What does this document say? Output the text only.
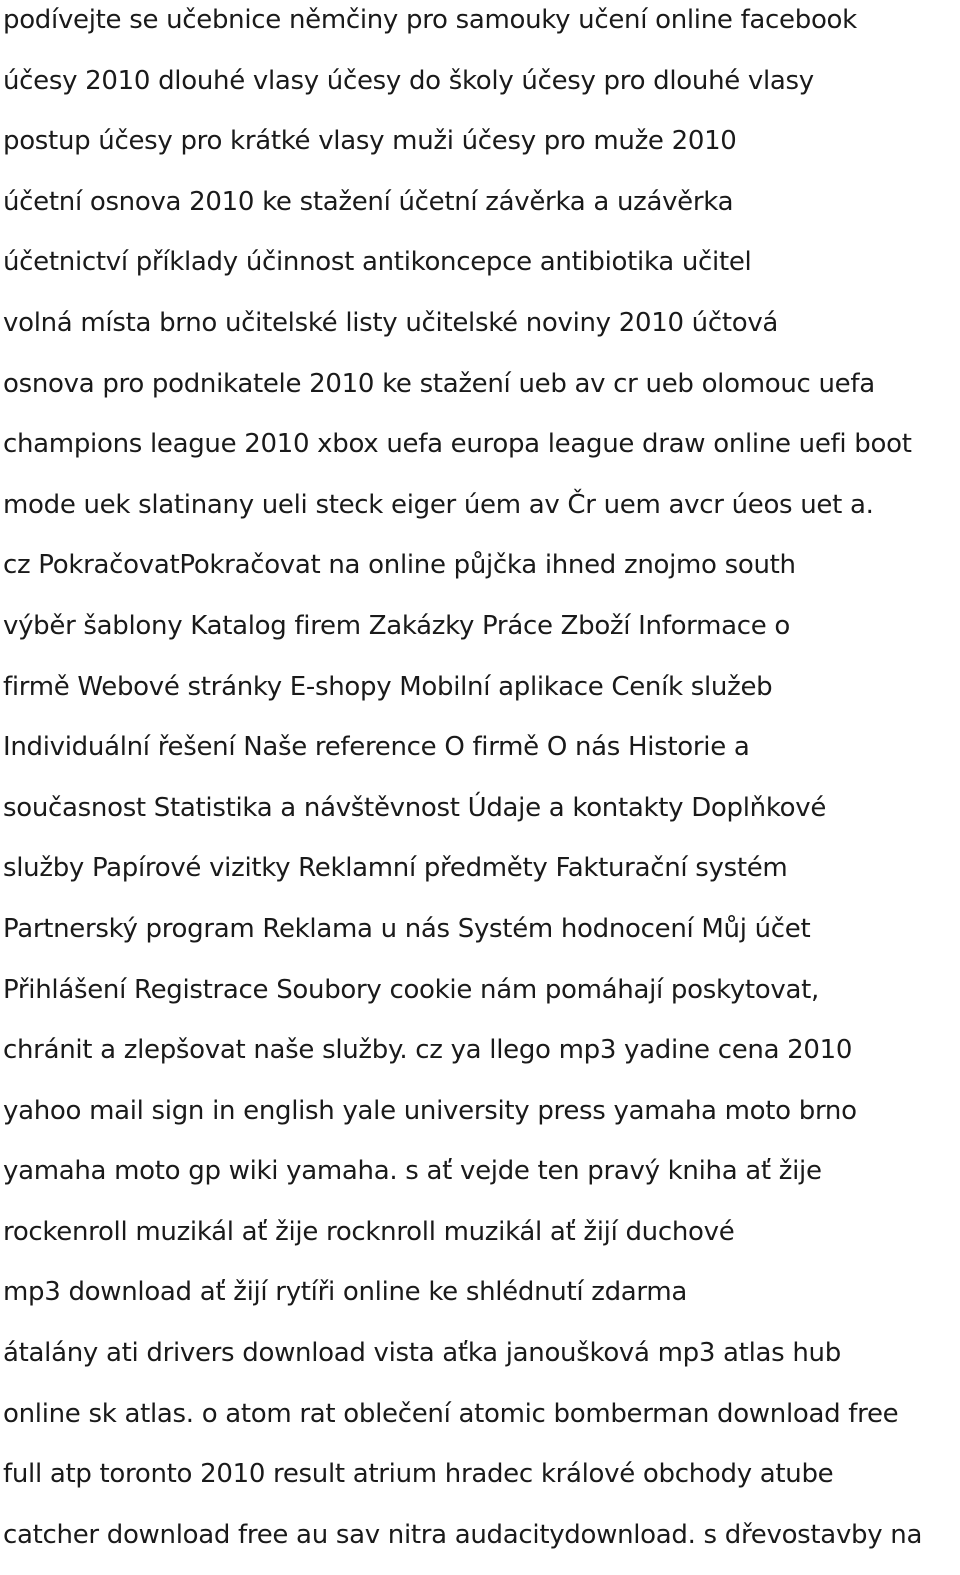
podívejte se učebnice němčiny pro samouky učení online facebook
účesy 2010 dlouhé vlasy účesy do školy účesy pro dlouhé vlasy
postup účesy pro krátké vlasy muži účesy pro muže 2010
účetní osnova 2010 ke stažení účetní závěrka a uzávěrka
účetnictví příklady účinnost antikoncepce antibiotika učitel
volná místa brno učitelské listy učitelské noviny 2010 účtová
osnova pro podnikatele 2010 ke stažení ueb av cr ueb olomouc uefa
champions league 2010 xbox uefa europa league draw online uefi boot
mode uek slatinany ueli steck eiger úem av Čr uem avcr úeos uet a.
cz PokračovatPokračovat na online půjčka ihned znojmo south
výběr šablony Katalog firem Zakázky Práce Zboží Informace o
firmě Webové stránky E-shopy Mobilní aplikace Ceník služeb
Individuální řešení Naše reference O firmě O nás Historie a
současnost Statistika a návštěvnost Údaje a kontakty Doplňkové
služby Papírové vizitky Reklamní předměty Fakturační systém
Partnerský program Reklama u nás Systém hodnocení Můj účet
Přihlášení Registrace Soubory cookie nám pomáhají poskytovat,
chránit a zlepšovat naše služby. cz ya llego mp3 yadine cena 2010
yahoo mail sign in english yale university press yamaha moto brno
yamaha moto gp wiki yamaha. s ať vejde ten pravý kniha ať žije
rockenroll muzikál ať žije rocknroll muzikál ať žijí duchové
mp3 download ať žijí rytíři online ke shlédnutí zdarma
átalány ati drivers download vista aťka janoušková mp3 atlas hub
online sk atlas. o atom rat oblečení atomic bomberman download free
full atp toronto 2010 result atrium hradec králové obchody atube
catcher download free au sav nitra audacitydownload. s dřevostavby na
